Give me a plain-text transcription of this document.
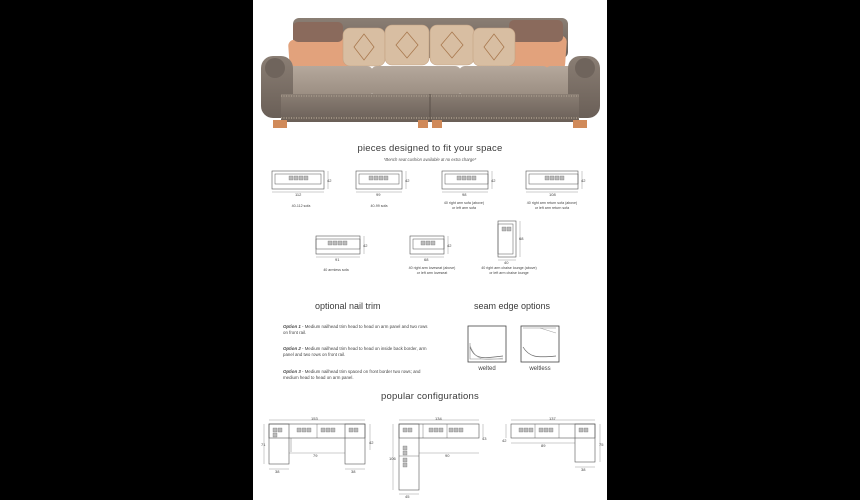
pieces designed to fit your space
*Bench seat cushion available at no extra charge*
112
42
40-112 sofa
99
42
40-99 sofa
98
42
40 right arm sofa (above)
or left arm sofa
108
42
40 right arm return sofa (above)
or left arm return sofa
91
42
40 armless sofa
68
42
40 right arm loveseat (above)
or left arm loveseat
40
68
40 right arm chaise lounge (above)
or left arm chaise lounge
optional nail trim
Option 1 - Medium nailhead trim head to head on arm panel and two rows on front rail.
Option 2 - Medium nailhead trim head to head on inside back border, arm panel and two rows on front rail.
Option 3 - Medium nailhead trim spaced on front border two rows; and medium head to head on arm panel.
seam edge options
welted	weltless
popular configurations
153
71	42
38
79
38
134
106
43
45
90
137
42
75
89
38
